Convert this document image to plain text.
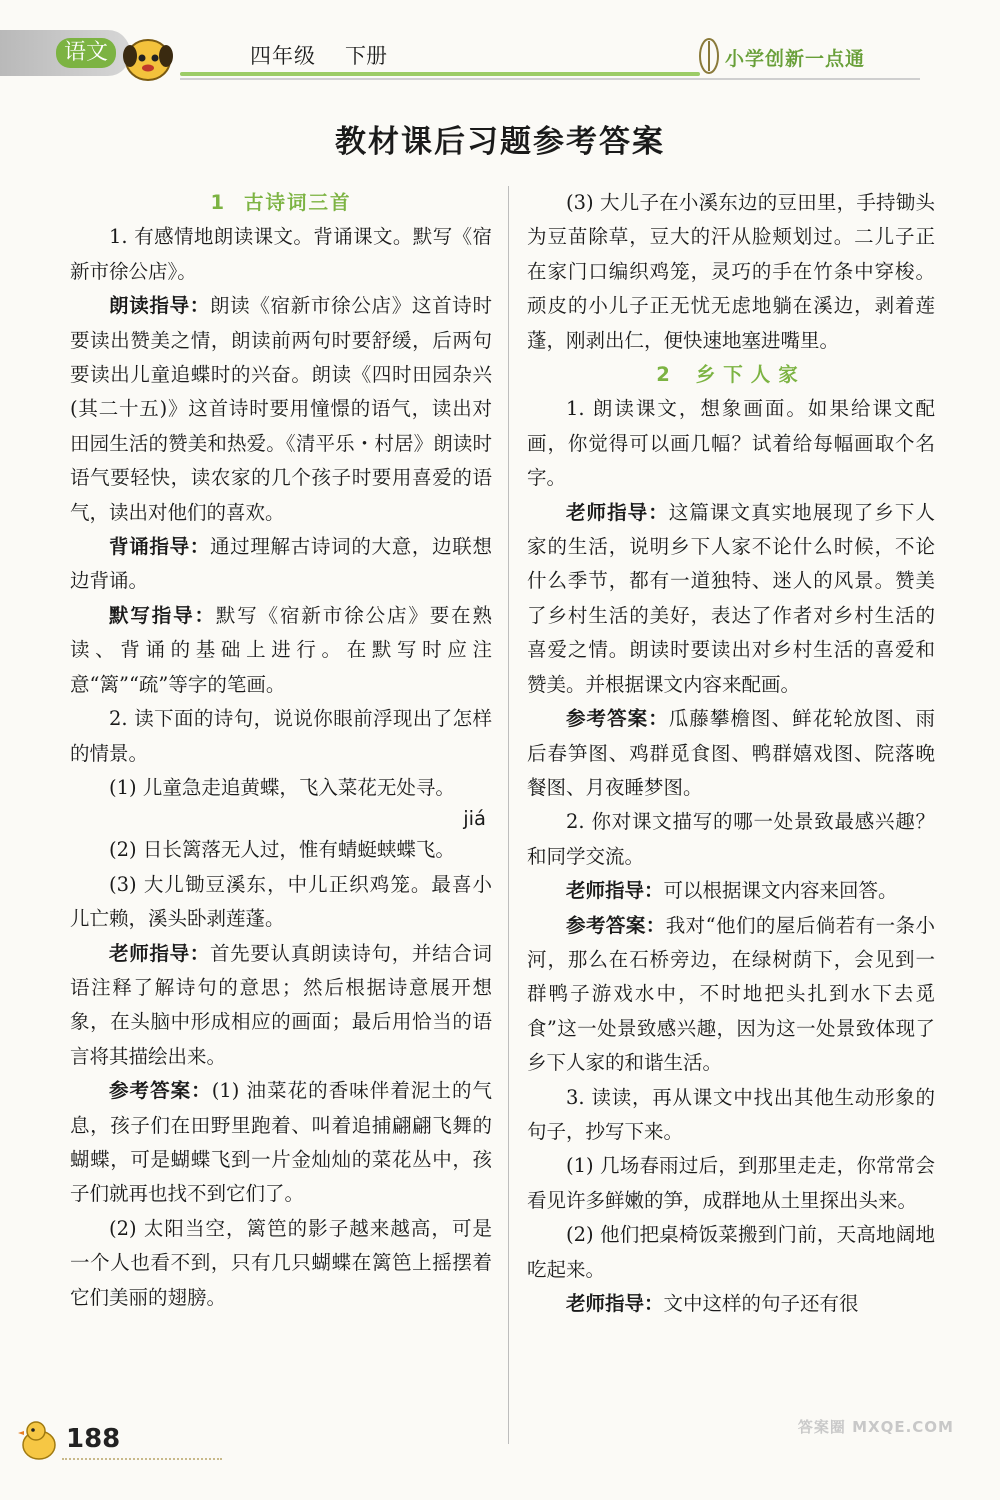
语文	四年级 下册	小学创新一点通
教材课后习题参考答案

1 古诗词三首

1. 有感情地朗读课文。背诵课文。默写《宿新市徐公店》。

朗读指导：朗读《宿新市徐公店》这首诗时要读出赞美之情，朗读前两句时要舒缓，后两句要读出儿童追蝶时的兴奋。朗读《四时田园杂兴(其二十五)》这首诗时要用憧憬的语气，读出对田园生活的赞美和热爱。《清平乐・村居》朗读时语气要轻快，读农家的几个孩子时要用喜爱的语气，读出对他们的喜欢。

背诵指导：通过理解古诗词的大意，边联想边背诵。

默写指导：默写《宿新市徐公店》要在熟读、背诵的基础上进行。在默写时应注意“篱”“疏”等字的笔画。

2. 读下面的诗句，说说你眼前浮现出了怎样的情景。

(1) 儿童急走追黄蝶，飞入菜花无处寻。

jiá

(2) 日长篱落无人过，惟有蜻蜓蛱蝶飞。

(3) 大儿锄豆溪东，中儿正织鸡笼。最喜小儿亡赖，溪头卧剥莲蓬。

老师指导：首先要认真朗读诗句，并结合词语注释了解诗句的意思；然后根据诗意展开想象，在头脑中形成相应的画面；最后用恰当的语言将其描绘出来。

参考答案：(1) 油菜花的香味伴着泥土的气息，孩子们在田野里跑着、叫着追捕翩翩飞舞的蝴蝶，可是蝴蝶飞到一片金灿灿的菜花丛中，孩子们就再也找不到它们了。

(2) 太阳当空，篱笆的影子越来越高，可是一个人也看不到，只有几只蝴蝶在篱笆上摇摆着它们美丽的翅膀。

(3) 大儿子在小溪东边的豆田里，手持锄头为豆苗除草，豆大的汗从脸颊划过。二儿子正在家门口编织鸡笼，灵巧的手在竹条中穿梭。顽皮的小儿子正无忧无虑地躺在溪边，剥着莲蓬，刚剥出仁，便快速地塞进嘴里。

2 乡下人家

1. 朗读课文，想象画面。如果给课文配画，你觉得可以画几幅？试着给每幅画取个名字。

老师指导：这篇课文真实地展现了乡下人家的生活，说明乡下人家不论什么时候，不论什么季节，都有一道独特、迷人的风景。赞美了乡村生活的美好，表达了作者对乡村生活的喜爱之情。朗读时要读出对乡村生活的喜爱和赞美。并根据课文内容来配画。

参考答案：瓜藤攀檐图、鲜花轮放图、雨后春笋图、鸡群觅食图、鸭群嬉戏图、院落晚餐图、月夜睡梦图。

2. 你对课文描写的哪一处景致最感兴趣？和同学交流。

老师指导：可以根据课文内容来回答。

参考答案：我对“他们的屋后倘若有一条小河，那么在石桥旁边，在绿树荫下，会见到一群鸭子游戏水中，不时地把头扎到水下去觅食”这一处景致感兴趣，因为这一处景致体现了乡下人家的和谐生活。

3. 读读，再从课文中找出其他生动形象的句子，抄写下来。

(1) 几场春雨过后，到那里走走，你常常会看见许多鲜嫩的笋，成群地从土里探出头来。

(2) 他们把桌椅饭菜搬到门前，天高地阔地吃起来。

老师指导：文中这样的句子还有很

188	答案圈 MXQE.COM
